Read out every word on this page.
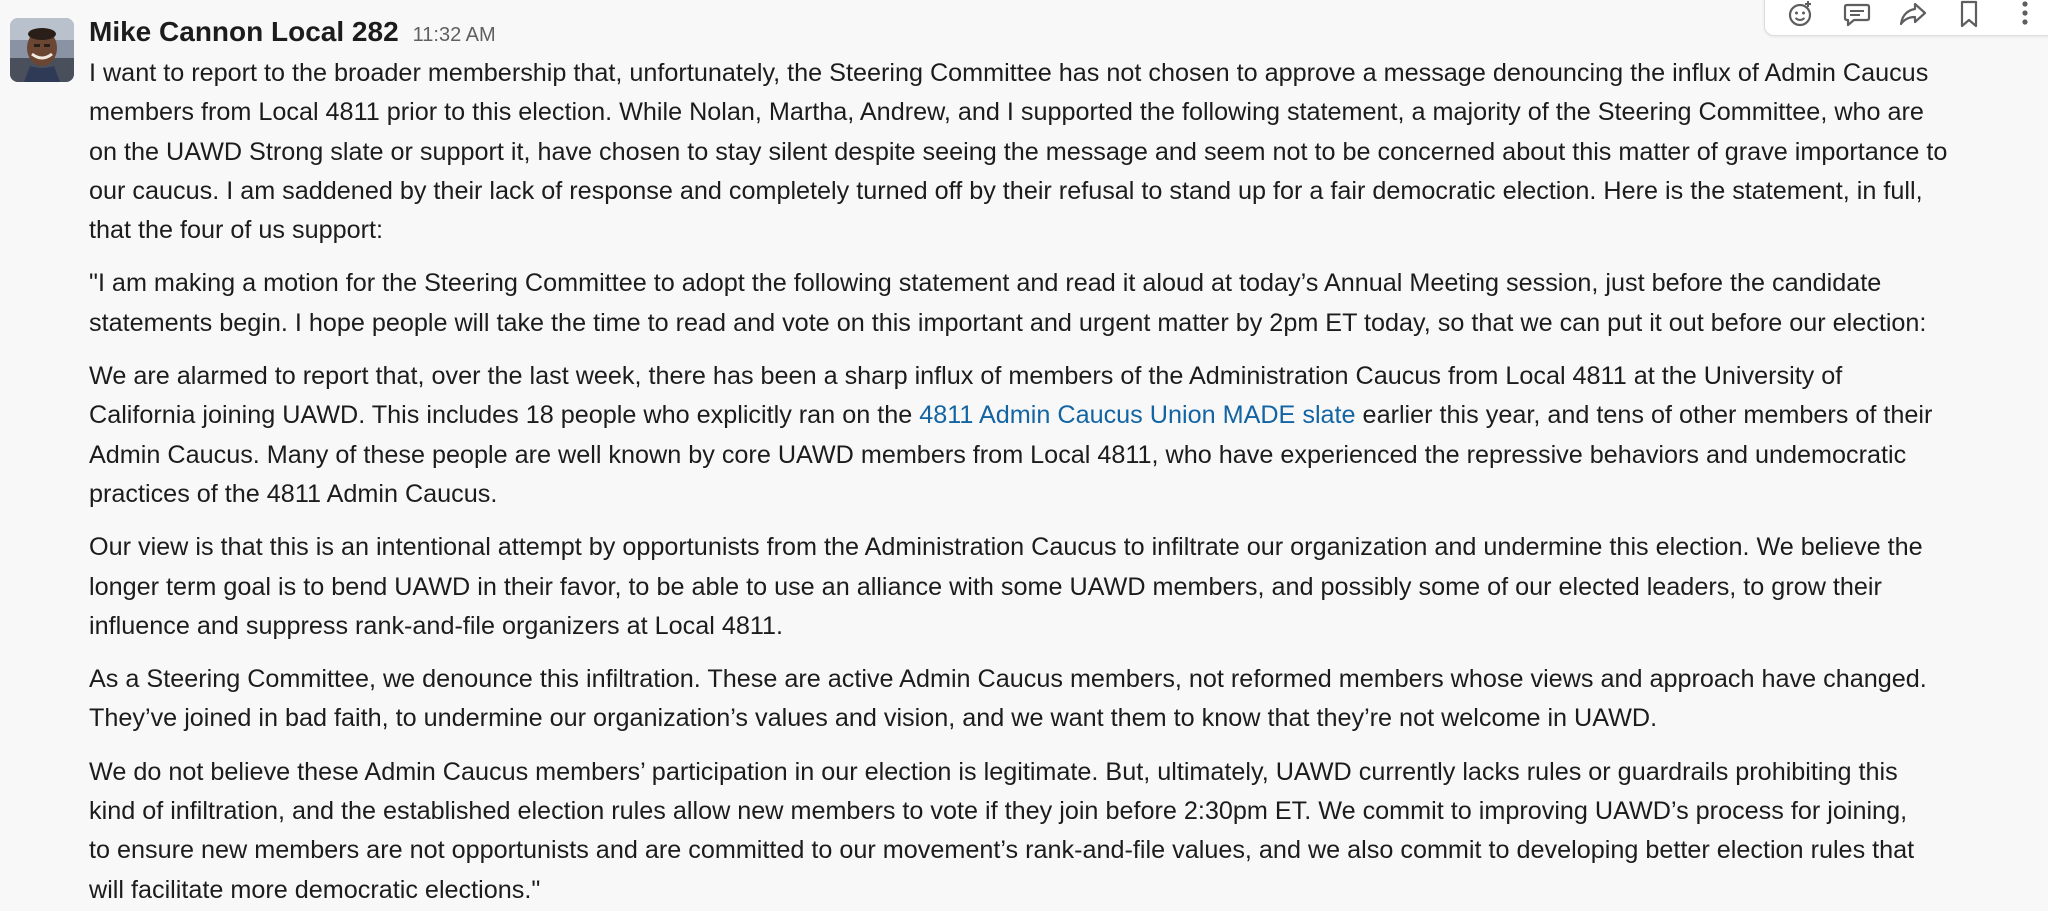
Mike Cannon Local 282 11:32 AM

I want to report to the broader membership that, unfortunately, the Steering Committee has not chosen to approve a message denouncing the influx of Admin Caucus
members from Local 4811 prior to this election. While Nolan, Martha, Andrew, and I supported the following statement, a majority of the Steering Committee, who are
on the UAWD Strong slate or support it, have chosen to stay silent despite seeing the message and seem not to be concerned about this matter of grave importance to
our caucus. I am saddened by their lack of response and completely turned off by their refusal to stand up for a fair democratic election. Here is the statement, in full,
that the four of us support:

"I am making a motion for the Steering Committee to adopt the following statement and read it aloud at today’s Annual Meeting session, just before the candidate
statements begin. I hope people will take the time to read and vote on this important and urgent matter by 2pm ET today, so that we can put it out before our election:

We are alarmed to report that, over the last week, there has been a sharp influx of members of the Administration Caucus from Local 4811 at the University of
California joining UAWD. This includes 18 people who explicitly ran on the 4811 Admin Caucus Union MADE slate earlier this year, and tens of other members of their
Admin Caucus. Many of these people are well known by core UAWD members from Local 4811, who have experienced the repressive behaviors and undemocratic
practices of the 4811 Admin Caucus.

Our view is that this is an intentional attempt by opportunists from the Administration Caucus to infiltrate our organization and undermine this election. We believe the
longer term goal is to bend UAWD in their favor, to be able to use an alliance with some UAWD members, and possibly some of our elected leaders, to grow their
influence and suppress rank-and-file organizers at Local 4811.

As a Steering Committee, we denounce this infiltration. These are active Admin Caucus members, not reformed members whose views and approach have changed.
They’ve joined in bad faith, to undermine our organization’s values and vision, and we want them to know that they’re not welcome in UAWD.

We do not believe these Admin Caucus members’ participation in our election is legitimate. But, ultimately, UAWD currently lacks rules or guardrails prohibiting this
kind of infiltration, and the established election rules allow new members to vote if they join before 2:30pm ET. We commit to improving UAWD’s process for joining,
to ensure new members are not opportunists and are committed to our movement’s rank-and-file values, and we also commit to developing better election rules that
will facilitate more democratic elections."
